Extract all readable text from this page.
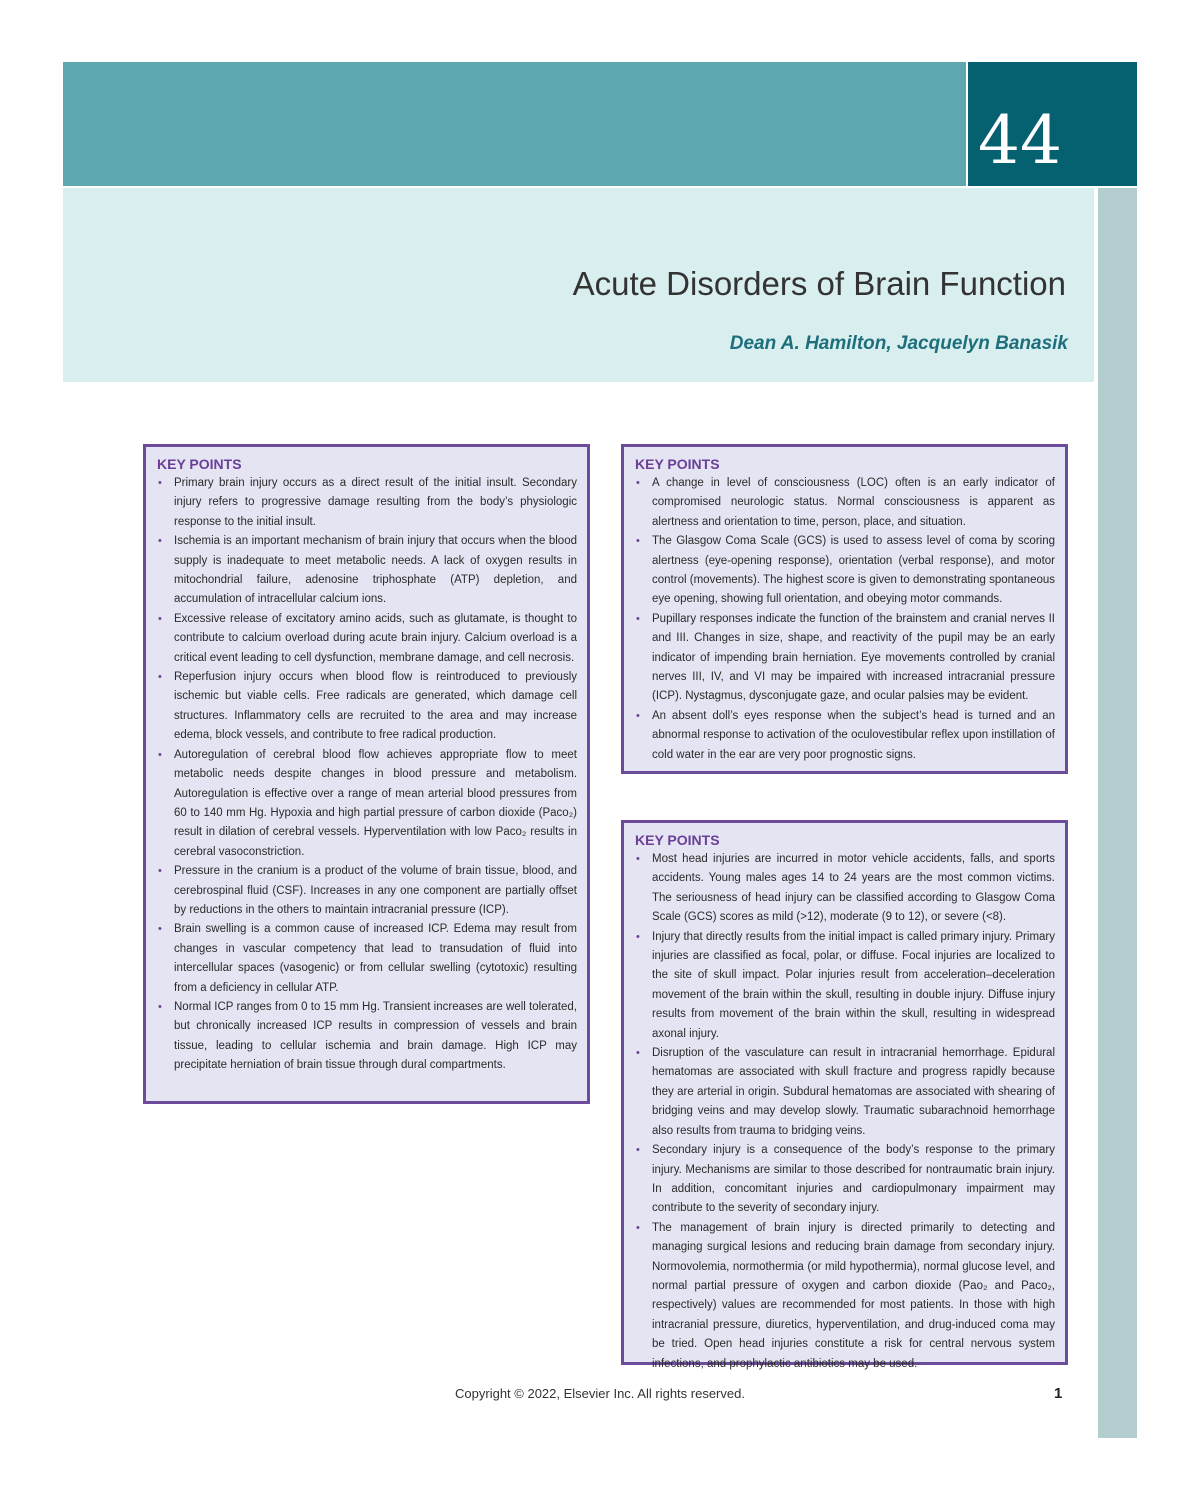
44
Acute Disorders of Brain Function
Dean A. Hamilton, Jacquelyn Banasik
KEY POINTS
• Primary brain injury occurs as a direct result of the initial insult. Secondary injury refers to progressive damage resulting from the body’s physiologic response to the initial insult.
• Ischemia is an important mechanism of brain injury that occurs when the blood supply is inadequate to meet metabolic needs. A lack of oxygen results in mitochondrial failure, adenosine triphosphate (ATP) depletion, and accumulation of intracellular calcium ions.
• Excessive release of excitatory amino acids, such as glutamate, is thought to contribute to calcium overload during acute brain injury. Calcium overload is a critical event leading to cell dysfunction, membrane damage, and cell necrosis.
• Reperfusion injury occurs when blood flow is reintroduced to previously ischemic but viable cells. Free radicals are generated, which damage cell structures. Inflammatory cells are recruited to the area and may increase edema, block vessels, and contribute to free radical production.
• Autoregulation of cerebral blood flow achieves appropriate flow to meet metabolic needs despite changes in blood pressure and metabolism. Autoregulation is effective over a range of mean arterial blood pressures from 60 to 140 mm Hg. Hypoxia and high partial pressure of carbon dioxide (Paco₂) result in dilation of cerebral vessels. Hyperventilation with low Paco₂ results in cerebral vasoconstriction.
• Pressure in the cranium is a product of the volume of brain tissue, blood, and cerebrospinal fluid (CSF). Increases in any one component are partially offset by reductions in the others to maintain intracranial pressure (ICP).
• Brain swelling is a common cause of increased ICP. Edema may result from changes in vascular competency that lead to transudation of fluid into intercellular spaces (vasogenic) or from cellular swelling (cytotoxic) resulting from a deficiency in cellular ATP.
• Normal ICP ranges from 0 to 15 mm Hg. Transient increases are well tolerated, but chronically increased ICP results in compression of vessels and brain tissue, leading to cellular ischemia and brain damage. High ICP may precipitate herniation of brain tissue through dural compartments.
KEY POINTS
• A change in level of consciousness (LOC) often is an early indicator of compromised neurologic status. Normal consciousness is apparent as alertness and orientation to time, person, place, and situation.
• The Glasgow Coma Scale (GCS) is used to assess level of coma by scoring alertness (eye-opening response), orientation (verbal response), and motor control (movements). The highest score is given to demonstrating spontaneous eye opening, showing full orientation, and obeying motor commands.
• Pupillary responses indicate the function of the brainstem and cranial nerves II and III. Changes in size, shape, and reactivity of the pupil may be an early indicator of impending brain herniation. Eye movements controlled by cranial nerves III, IV, and VI may be impaired with increased intracranial pressure (ICP). Nystagmus, dysconjugate gaze, and ocular palsies may be evident.
• An absent doll’s eyes response when the subject’s head is turned and an abnormal response to activation of the oculovestibular reflex upon instillation of cold water in the ear are very poor prognostic signs.
KEY POINTS
• Most head injuries are incurred in motor vehicle accidents, falls, and sports accidents. Young males ages 14 to 24 years are the most common victims. The seriousness of head injury can be classified according to Glasgow Coma Scale (GCS) scores as mild (>12), moderate (9 to 12), or severe (<8).
• Injury that directly results from the initial impact is called primary injury. Primary injuries are classified as focal, polar, or diffuse. Focal injuries are localized to the site of skull impact. Polar injuries result from acceleration–deceleration movement of the brain within the skull, resulting in double injury. Diffuse injury results from movement of the brain within the skull, resulting in widespread axonal injury.
• Disruption of the vasculature can result in intracranial hemorrhage. Epidural hematomas are associated with skull fracture and progress rapidly because they are arterial in origin. Subdural hematomas are associated with shearing of bridging veins and may develop slowly. Traumatic subarachnoid hemorrhage also results from trauma to bridging veins.
• Secondary injury is a consequence of the body’s response to the primary injury. Mechanisms are similar to those described for nontraumatic brain injury. In addition, concomitant injuries and cardiopulmonary impairment may contribute to the severity of secondary injury.
• The management of brain injury is directed primarily to detecting and managing surgical lesions and reducing brain damage from secondary injury. Normovolemia, normothermia (or mild hypothermia), normal glucose level, and normal partial pressure of oxygen and carbon dioxide (Pao₂ and Paco₂, respectively) values are recommended for most patients. In those with high intracranial pressure, diuretics, hyperventilation, and drug-induced coma may be tried. Open head injuries constitute a risk for central nervous system infections, and prophylactic antibiotics may be used.
Copyright © 2022, Elsevier Inc. All rights reserved.	1
